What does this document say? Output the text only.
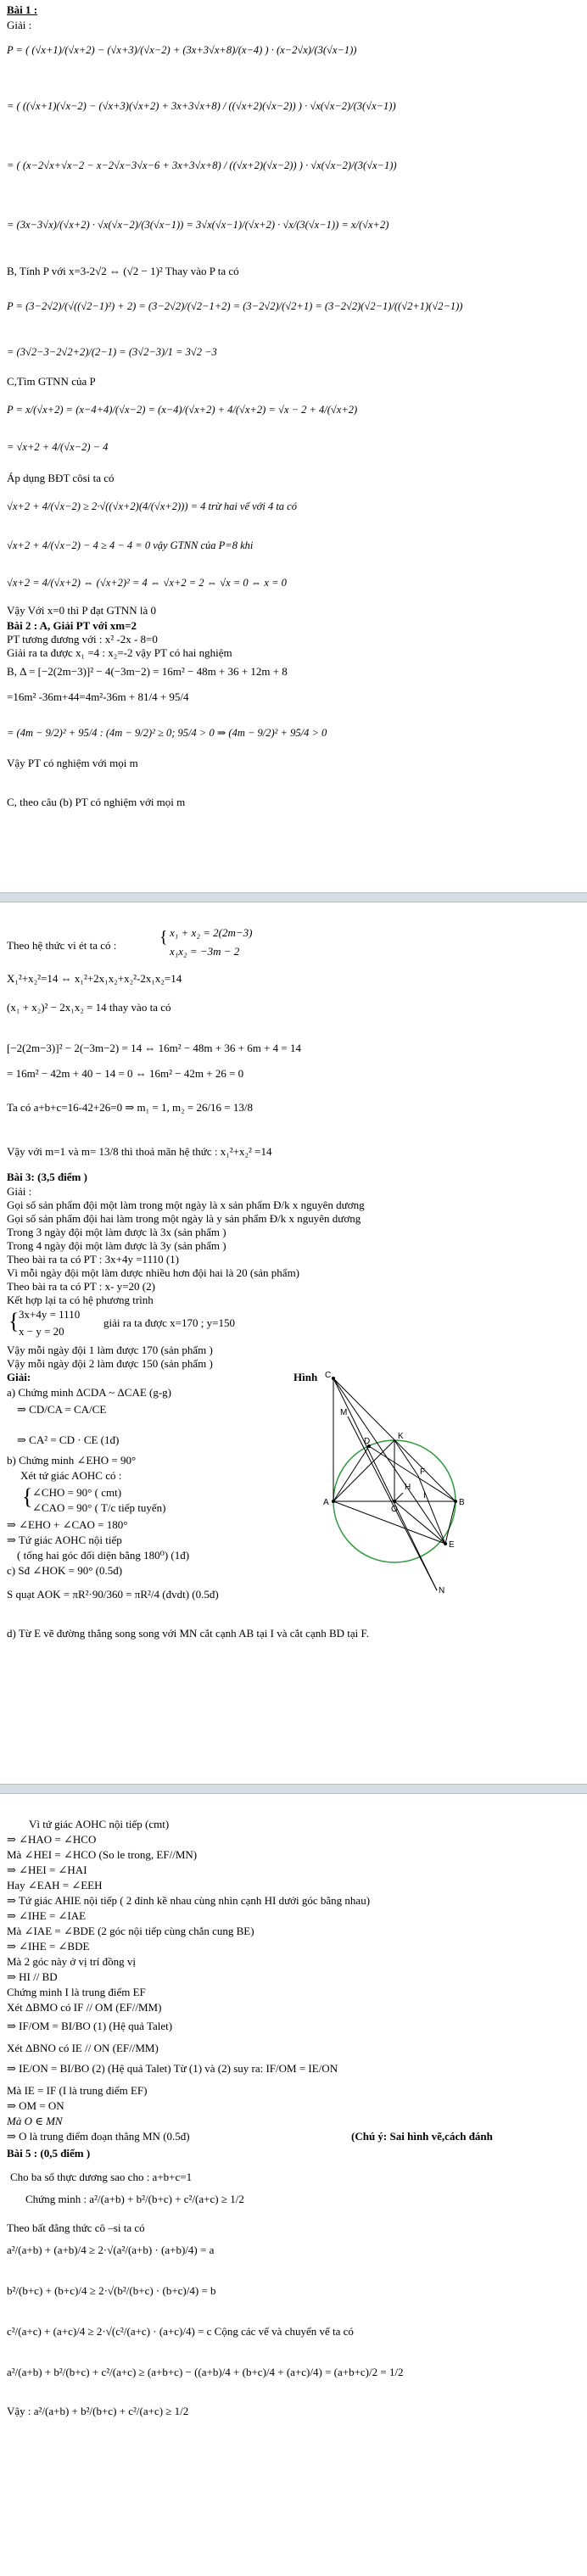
Bài 1 :
Giải :
P = ( (√x+1)/(√x+2) − (√x+3)/(√x−2) + (3x+3√x+8)/(x−4) ) · (x−2√x)/(3(√x−1))
= ( ((√x+1)(√x−2) − (√x+3)(√x+2) + 3x+3√x+8) / ((√x+2)(√x−2)) ) · √x(√x−2)/(3(√x−1))
= ( (x−2√x+√x−2 − x−2√x−3√x−6 + 3x+3√x+8) / ((√x+2)(√x−2)) ) · √x(√x−2)/(3(√x−1))
= (3x−3√x)/(√x+2) · √x(√x−2)/(3(√x−1)) = 3√x(√x−1)/(√x+2) · √x/(3(√x−1)) = x/(√x+2)
B, Tính P với x=3-2√2 ⇔ (√2 − 1)² Thay vào P ta có
P = (3−2√2)/(√((√2−1)²) + 2) = (3−2√2)/(√2−1+2) = (3−2√2)/(√2+1) = (3−2√2)(√2−1)/((√2+1)(√2−1))
= (3√2−3−2√2+2)/(2−1) = (3√2−3)/1 = 3√2 −3
C,Tìm GTNN của P
P = x/(√x+2) = (x−4+4)/(√x−2) = (x−4)/(√x+2) + 4/(√x+2) = √x − 2 + 4/(√x+2)
= √x+2 + 4/(√x−2) − 4
Áp dụng BĐT côsi ta có
√x+2 + 4/(√x−2) ≥ 2·√((√x+2)(4/(√x+2))) = 4 trừ hai vế với 4 ta có
√x+2 + 4/(√x−2) − 4 ≥ 4 − 4 = 0 vậy GTNN của P=8 khi
√x+2 = 4/(√x+2) ⇔ (√x+2)² = 4 ⇔ √x+2 = 2 ⇔ √x = 0 ⇔ x = 0
Vậy Với x=0 thì P đạt GTNN là 0
Bài 2 : A, Giải PT với xm=2
PT tương đương với : x² -2x - 8=0
Giải ra ta được x₁ =4 : x₂=-2 vậy PT có hai nghiệm
B, Δ = [−2(2m−3)]² − 4(−3m−2) = 16m² − 48m + 36 + 12m + 8
=16m² -36m+44=4m²-36m + 81/4 + 95/4
= (4m − 9/2)² + 95/4 : (4m − 9/2)² ≥ 0; 95/4 > 0 ⇒ (4m − 9/2)² + 95/4 > 0
Vậy PT có nghiệm với mọi m
C, theo câu (b) PT có nghiệm với mọi m
Theo hệ thức vi ét ta có :	{ x₁ + x₂ = 2(2m−3)
x₁x₂ = −3m − 2
X₁²+x₂²=14 ⇔ x₁²+2x₁x₂+x₂²-2x₁x₂=14
(x₁ + x₂)² − 2x₁x₂ = 14 thay vào ta có
[−2(2m−3)]² − 2(−3m−2) = 14 ⇔ 16m² − 48m + 36 + 6m + 4 = 14
= 16m² − 42m + 40 − 14 = 0 ⇔ 16m² − 42m + 26 = 0
Ta có a+b+c=16-42+26=0 ⇒ m₁ = 1, m₂ = 26/16 = 13/8
Vậy với m=1 và m= 13/8 thì thoả mãn hệ thức : x₁²+x₂² =14
Bài 3: (3,5 điểm )
Giải :
Gọi số sản phẩm đội một làm trong một ngày là x sản phẩm Đ/k x nguyên dương
Gọi số sản phẩm đội hai làm trong một ngày là y sản phẩm Đ/k x nguyên dương
Trong 3 ngày đội một làm được là 3x (sản phẩm )
Trong 4 ngày đội một làm được là 3y (sản phẩm )
Theo bài ra ta có PT : 3x+4y =1110 (1)
Vì mỗi ngày đội một làm được nhiều hơn đội hai là 20 (sản phẩm)
Theo bài ra ta có PT : x- y=20 (2)
Kết hợp lại ta có hệ phương trình
{ 3x+4y = 1110
x − y = 20
giải ra ta được x=170 ; y=150
Vậy mỗi ngày đội 1 làm được 170 (sản phẩm )
Vậy mỗi ngày đội 2 làm được 150 (sản phẩm )
Giải:	Hình
a) Chứng minh ΔCDA ~ ΔCAE (g-g)
⇒ CD/CA = CA/CE
⇒ CA² = CD · CE (1đ)
b) Chứng minh ∠EHO = 90°
Xét tứ giác AOHC có :
{ ∠CHO = 90° ( cmt)
∠CAO = 90° ( T/c tiếp tuyến)
⇒ ∠EHO + ∠CAO = 180°
⇒ Tứ giác AOHC nội tiếp
( tổng hai góc đối diện bằng 180⁰) (1đ)
c) Sđ ∠HOK = 90° (0.5đ)
S quạt AOK = πR²·90/360 = πR²/4 (đvdt) (0.5đ)
d) Từ E vẽ đường thẳng song song với MN cắt cạnh AB tại I và cắt cạnh BD tại F.
C
M
D
K
F
H
A
O
I
B
E
N
Vì tứ giác AOHC nội tiếp (cmt)
⇒ ∠HAO = ∠HCO
Mà ∠HEI = ∠HCO (So le trong, EF//MN)
⇒ ∠HEI = ∠HAI
Hay ∠EAH = ∠EEH
⇒ Tứ giác AHIE nội tiếp ( 2 đỉnh kề nhau cùng nhìn cạnh HI dưới góc bằng nhau)
⇒ ∠IHE = ∠IAE
Mà ∠IAE = ∠BDE (2 góc nội tiếp cùng chắn cung BE)
⇒ ∠IHE = ∠BDE
Mà 2 góc này ở vị trí đồng vị
⇒ HI // BD
Chứng minh I là trung điểm EF
Xét ΔBMO có IF // OM (EF//MM)
⇒ IF/OM = BI/BO (1) (Hệ quả Talet)
Xét ΔBNO có IE // ON (EF//MM)
⇒ IE/ON = BI/BO (2) (Hệ quả Talet) Từ (1) và (2) suy ra: IF/OM = IE/ON
Mà IE = IF (I là trung điểm EF)
⇒ OM = ON
Mà O ∈ MN
⇒ O là trung điểm đoạn thẳng MN (0.5đ)	(Chú ý: Sai hình vẽ,cách đánh
Bài 5 : (0,5 điểm )
Cho ba số thực dương sao cho : a+b+c=1
Chứng minh : a²/(a+b) + b²/(b+c) + c²/(a+c) ≥ 1/2
Theo bất đẳng thức cô –si ta có
a²/(a+b) + (a+b)/4 ≥ 2·√(a²/(a+b) · (a+b)/4) = a
b²/(b+c) + (b+c)/4 ≥ 2·√(b²/(b+c) · (b+c)/4) = b
c²/(a+c) + (a+c)/4 ≥ 2·√(c²/(a+c) · (a+c)/4) = c Cộng các vế và chuyển vế ta có
a²/(a+b) + b²/(b+c) + c²/(a+c) ≥ (a+b+c) − ((a+b)/4 + (b+c)/4 + (a+c)/4) = (a+b+c)/2 = 1/2
Vậy : a²/(a+b) + b²/(b+c) + c²/(a+c) ≥ 1/2
